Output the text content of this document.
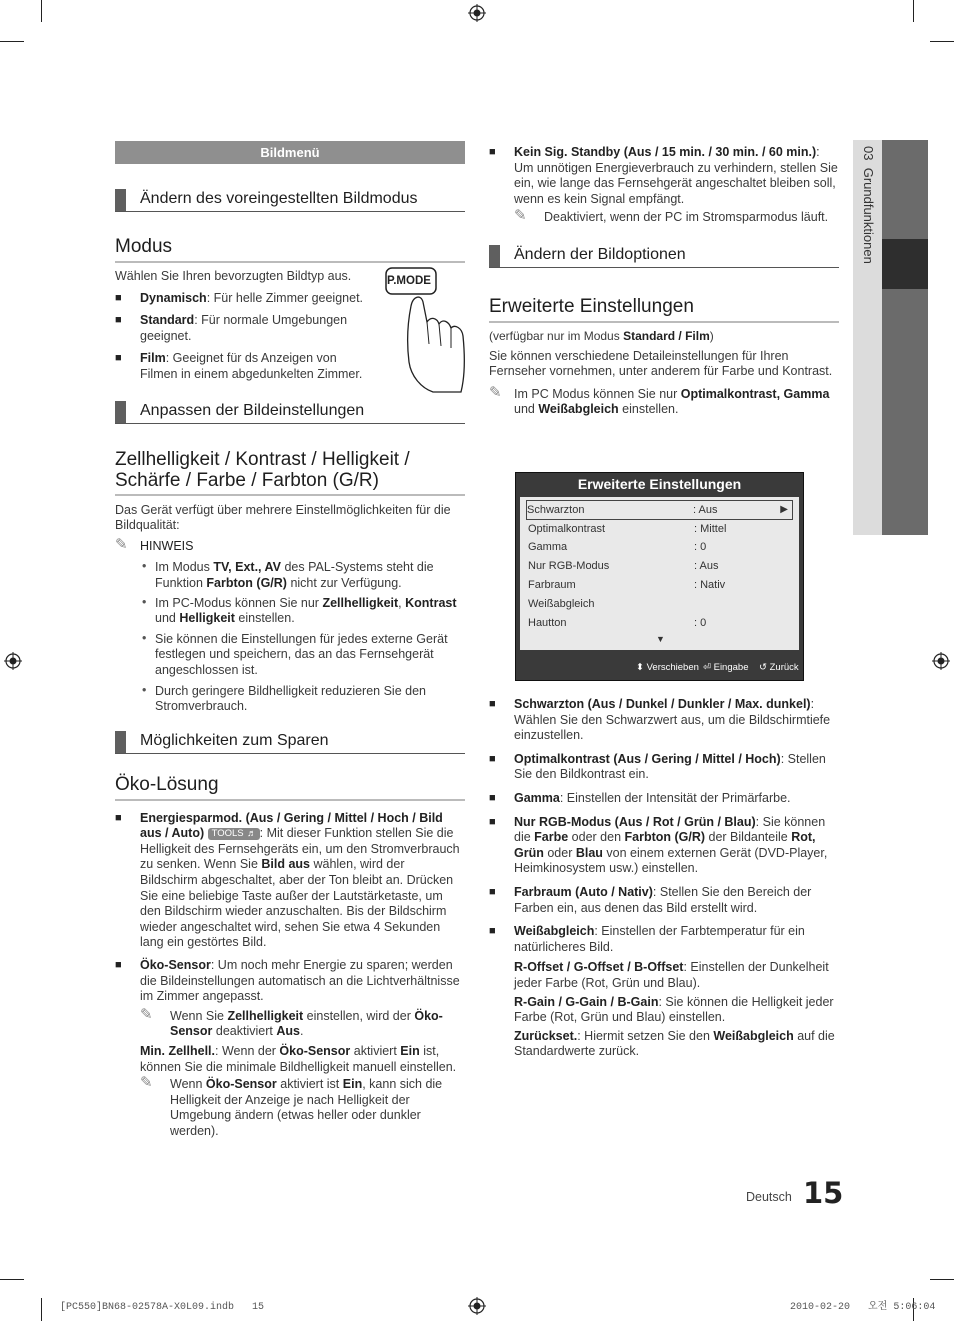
03  Grundfunktionen
Bildmenü
Ändern des voreingestellten Bildmodus
Modus

Wählen Sie Ihren bevorzugten Bildtyp aus.

■ Dynamisch: Für helle Zimmer geeignet.

■ Standard: Für normale Umgebungen geeignet.

■ Film: Geeignet für ds Anzeigen von Filmen in einem abgedunkelten Zimmer.

P.MODE
Anpassen der Bildeinstellungen
Zellhelligkeit / Kontrast / Helligkeit / Schärfe / Farbe / Farbton (G/R)

Das Gerät verfügt über mehrere Einstellmöglichkeiten für die Bildqualität:

✎ HINWEIS

• Im Modus TV, Ext., AV des PAL-Systems steht die Funktion Farbton (G/R) nicht zur Verfügung.

• Im PC-Modus können Sie nur Zellhelligkeit, Kontrast und Helligkeit einstellen.

• Sie können die Einstellungen für jedes externe Gerät festlegen und speichern, das an das Fernsehgerät angeschlossen ist.

• Durch geringere Bildhelligkeit reduzieren Sie den Stromverbrauch.

Möglichkeiten zum Sparen
Öko-Lösung

■ Energiesparmod. (Aus / Gering / Mittel / Hoch / Bild aus / Auto) TOOLS ♬ : Mit dieser Funktion stellen Sie die Helligkeit des Fernsehgeräts ein, um den Stromverbrauch zu senken. Wenn Sie Bild aus wählen, wird der Bildschirm abgeschaltet, aber der Ton bleibt an. Drücken Sie eine beliebige Taste außer der Lautstärketaste, um den Bildschirm wieder anzuschalten. Bis der Bildschirm wieder angeschaltet wird, sehen Sie etwa 4 Sekunden lang ein gestörtes Bild.

■ Öko-Sensor: Um noch mehr Energie zu sparen; werden die Bildeinstellungen automatisch an die Lichtverhältnisse im Zimmer angepasst.

✎ Wenn Sie Zellhelligkeit einstellen, wird der Öko-Sensor deaktiviert Aus.

Min. Zellhell.: Wenn der Öko-Sensor aktiviert Ein ist, können Sie die minimale Bildhelligkeit manuell einstellen.

✎ Wenn Öko-Sensor aktiviert ist Ein, kann sich die Helligkeit der Anzeige je nach Helligkeit der Umgebung ändern (etwas heller oder dunkler werden).

■ Kein Sig. Standby (Aus / 15 min. / 30 min. / 60 min.): Um unnötigen Energieverbrauch zu verhindern, stellen Sie ein, wie lange das Fernsehgerät angeschaltet bleiben soll, wenn es kein Signal empfängt.

✎ Deaktiviert, wenn der PC im Stromsparmodus läuft.
Ändern der Bildoptionen
Erweiterte Einstellungen

(verfügbar nur im Modus Standard / Film)

Sie können verschiedene Detaileinstellungen für Ihren Fernseher vornehmen, unter anderem für Farbe und Kontrast.

✎ Im PC Modus können Sie nur Optimalkontrast, Gamma und Weißabgleich einstellen.
Erweiterte Einstellungen
Schwarzton	: Aus	▶
Optimalkontrast	: Mittel
Gamma	: 0
Nur RGB-Modus	: Aus
Farbraum	: Nativ
Weißabgleich
Hautton	: 0
▼
⬍ Verschieben ⏎ Eingabe ↺ Zurück

■ Schwarzton (Aus / Dunkel / Dunkler / Max. dunkel): Wählen Sie den Schwarzwert aus, um die Bildschirmtiefe einzustellen.

■ Optimalkontrast (Aus / Gering / Mittel / Hoch): Stellen Sie den Bildkontrast ein.

■ Gamma: Einstellen der Intensität der Primärfarbe.

■ Nur RGB-Modus (Aus / Rot / Grün / Blau): Sie können die Farbe oder den Farbton (G/R) der Bildanteile Rot, Grün oder Blau von einem externen Gerät (DVD-Player, Heimkinosystem usw.) einstellen.

■ Farbraum (Auto / Nativ): Stellen Sie den Bereich der Farben ein, aus denen das Bild erstellt wird.

■ Weißabgleich: Einstellen der Farbtemperatur für ein natürlicheres Bild.

R-Offset / G-Offset / B-Offset: Einstellen der Dunkelheit jeder Farbe (Rot, Grün und Blau).

R-Gain / G-Gain / B-Gain: Sie können die Helligkeit jeder Farbe (Rot, Grün und Blau) einstellen.

Zurückset.: Hiermit setzen Sie den Weißabgleich auf die Standardwerte zurück.

Deutsch 15
[PC550]BN68-02578A-X0L09.indb   15	2010-02-20   오전 5:06:04
